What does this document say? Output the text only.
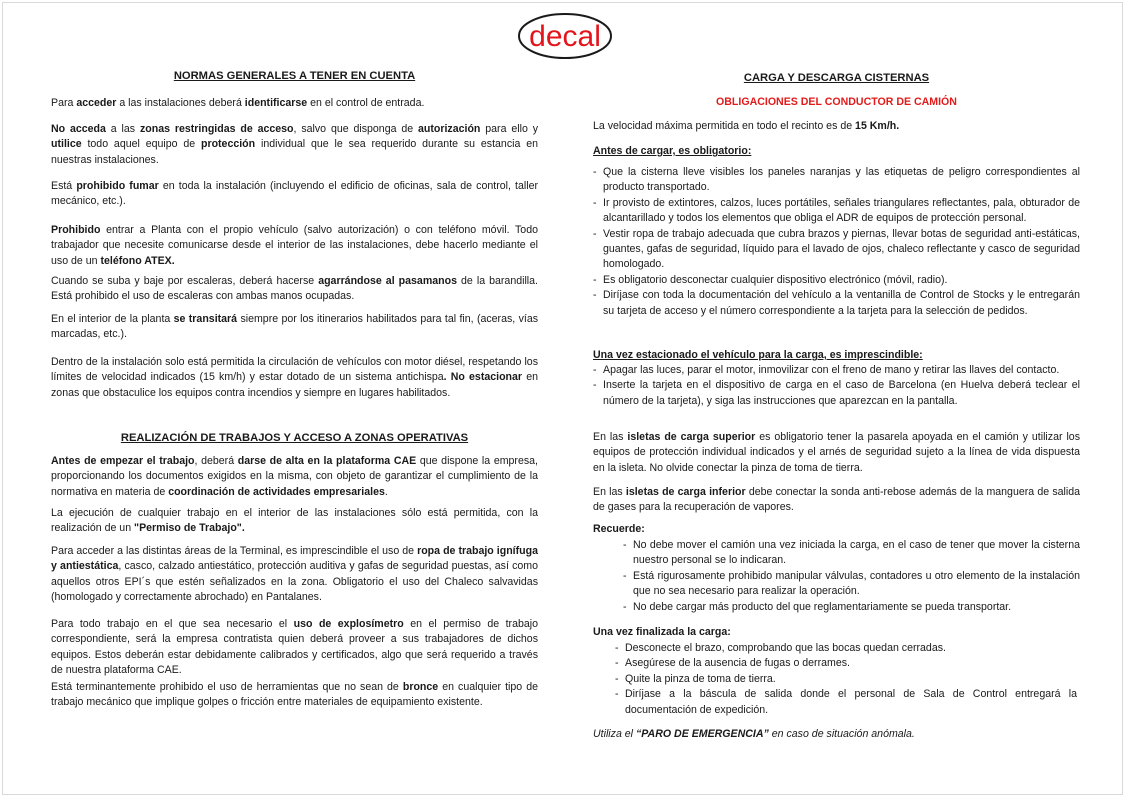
decal
NORMAS GENERALES A TENER EN CUENTA

Para acceder a las instalaciones deberá identificarse en el control de entrada.

No acceda a las zonas restringidas de acceso, salvo que disponga de autorización para ello y utilice todo aquel equipo de protección individual que le sea requerido durante su estancia en nuestras instalaciones.

Está prohibido fumar en toda la instalación (incluyendo el edificio de oficinas, sala de control, taller mecánico, etc.).

Prohibido entrar a Planta con el propio vehículo (salvo autorización) o con teléfono móvil. Todo trabajador que necesite comunicarse desde el interior de las instalaciones, debe hacerlo mediante el uso de un teléfono ATEX.

Cuando se suba y baje por escaleras, deberá hacerse agarrándose al pasamanos de la barandilla. Está prohibido el uso de escaleras con ambas manos ocupadas.

En el interior de la planta se transitará siempre por los itinerarios habilitados para tal fin, (aceras, vías marcadas, etc.).

Dentro de la instalación solo está permitida la circulación de vehículos con motor diésel, respetando los límites de velocidad indicados (15 km/h) y estar dotado de un sistema antichispa. No estacionar en zonas que obstaculice los equipos contra incendios y siempre en lugares habilitados.

REALIZACIÓN DE TRABAJOS Y ACCESO A ZONAS OPERATIVAS

Antes de empezar el trabajo, deberá darse de alta en la plataforma CAE que dispone la empresa, proporcionando los documentos exigidos en la misma, con objeto de garantizar el cumplimiento de la normativa en materia de coordinación de actividades empresariales.

La ejecución de cualquier trabajo en el interior de las instalaciones sólo está permitida, con la realización de un "Permiso de Trabajo".

Para acceder a las distintas áreas de la Terminal, es imprescindible el uso de ropa de trabajo ignífuga y antiestática, casco, calzado antiestático, protección auditiva y gafas de seguridad puestas, así como aquellos otros EPI´s que estén señalizados en la zona. Obligatorio el uso del Chaleco salvavidas (homologado y correctamente abrochado) en Pantalanes.

Para todo trabajo en el que sea necesario el uso de explosímetro en el permiso de trabajo correspondiente, será la empresa contratista quien deberá proveer a sus trabajadores de dichos equipos. Estos deberán estar debidamente calibrados y certificados, algo que será requerido a través de nuestra plataforma CAE.

Está terminantemente prohibido el uso de herramientas que no sean de bronce en cualquier tipo de trabajo mecánico que implique golpes o fricción entre materiales de equipamiento existente.

CARGA Y DESCARGA CISTERNAS
OBLIGACIONES DEL CONDUCTOR DE CAMIÓN

La velocidad máxima permitida en todo el recinto es de 15 Km/h.

Antes de cargar, es obligatorio:
- Que la cisterna lleve visibles los paneles naranjas y las etiquetas de peligro correspondientes al producto transportado.
- Ir provisto de extintores, calzos, luces portátiles, señales triangulares reflectantes, pala, obturador de alcantarillado y todos los elementos que obliga el ADR de equipos de protección personal.
- Vestir ropa de trabajo adecuada que cubra brazos y piernas, llevar botas de seguridad anti-estáticas, guantes, gafas de seguridad, líquido para el lavado de ojos, chaleco reflectante y casco de seguridad homologado.
- Es obligatorio desconectar cualquier dispositivo electrónico (móvil, radio).
- Diríjase con toda la documentación del vehículo a la ventanilla de Control de Stocks y le entregarán su tarjeta de acceso y el número correspondiente a la tarjeta para la selección de pedidos.
Una vez estacionado el vehículo para la carga, es imprescindible:
- Apagar las luces, parar el motor, inmovilizar con el freno de mano y retirar las llaves del contacto.
- Inserte la tarjeta en el dispositivo de carga en el caso de Barcelona (en Huelva deberá teclear el número de la tarjeta), y siga las instrucciones que aparezcan en la pantalla.

En las isletas de carga superior es obligatorio tener la pasarela apoyada en el camión y utilizar los equipos de protección individual indicados y el arnés de seguridad sujeto a la línea de vida dispuesta en la isleta. No olvide conectar la pinza de toma de tierra.

En las isletas de carga inferior debe conectar la sonda anti-rebose además de la manguera de salida de gases para la recuperación de vapores.

Recuerde:
- No debe mover el camión una vez iniciada la carga, en el caso de tener que mover la cisterna nuestro personal se lo indicaran.
- Está rigurosamente prohibido manipular válvulas, contadores u otro elemento de la instalación que no sea necesario para realizar la operación.
- No debe cargar más producto del que reglamentariamente se pueda transportar.
Una vez finalizada la carga:
- Desconecte el brazo, comprobando que las bocas quedan cerradas.
- Asegúrese de la ausencia de fugas o derrames.
- Quite la pinza de toma de tierra.
- Diríjase a la báscula de salida donde el personal de Sala de Control entregará la documentación de expedición.

Utiliza el “PARO DE EMERGENCIA” en caso de situación anómala.
